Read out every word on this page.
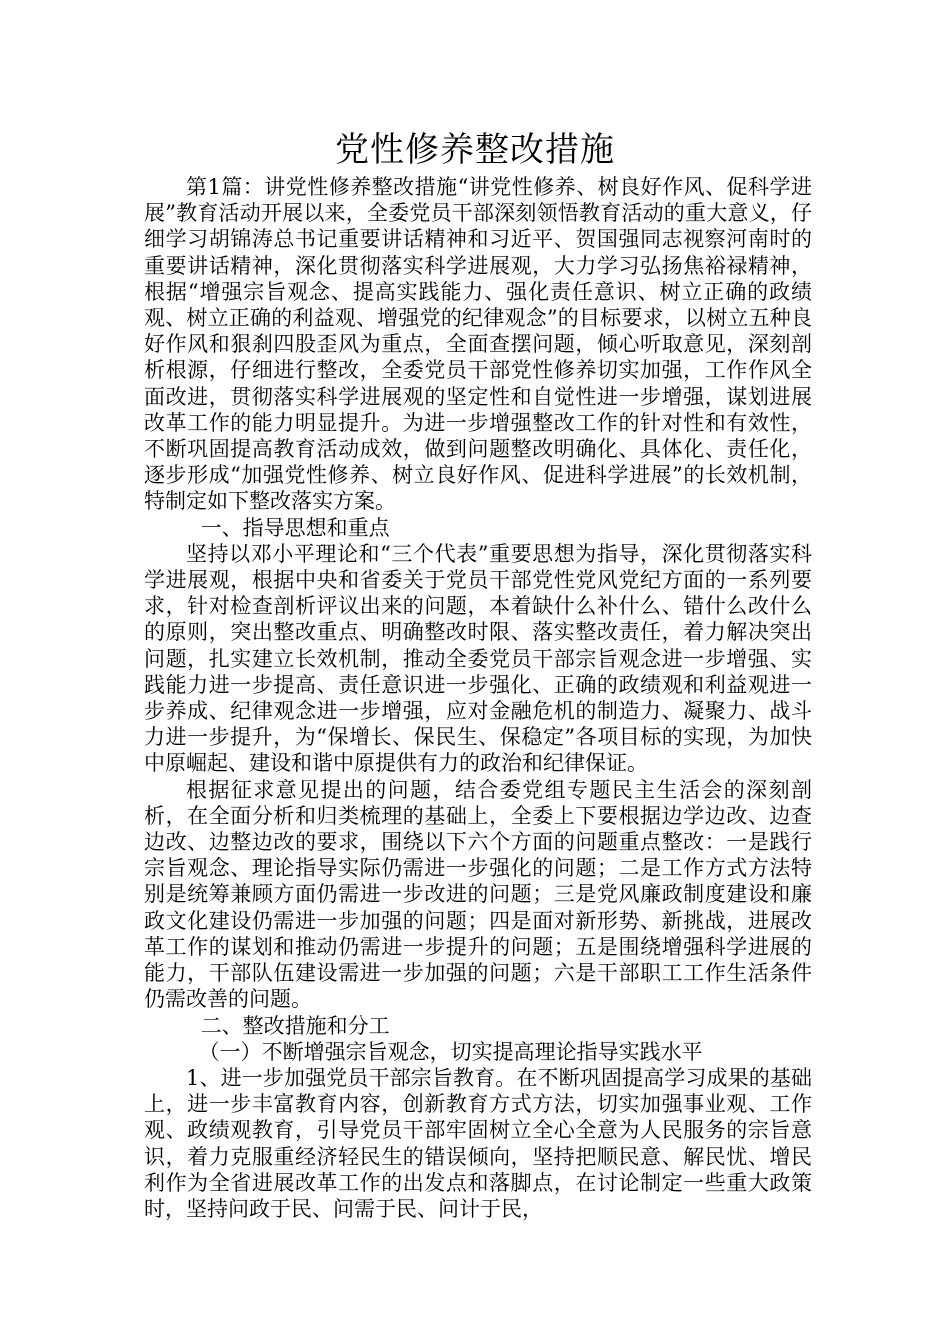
党性修养整改措施

第1篇：讲党性修养整改措施“讲党性修养、树良好作风、促科学进展”教育活动开展以来，全委党员干部深刻领悟教育活动的重大意义，仔细学习胡锦涛总书记重要讲话精神和习近平、贺国强同志视察河南时的重要讲话精神，深化贯彻落实科学进展观，大力学习弘扬焦裕禄精神，根据“增强宗旨观念、提高实践能力、强化责任意识、树立正确的政绩观、树立正确的利益观、增强党的纪律观念”的目标要求，以树立五种良好作风和狠刹四股歪风为重点，全面查摆问题，倾心听取意见，深刻剖析根源，仔细进行整改，全委党员干部党性修养切实加强，工作作风全面改进，贯彻落实科学进展观的坚定性和自觉性进一步增强，谋划进展改革工作的能力明显提升。为进一步增强整改工作的针对性和有效性，不断巩固提高教育活动成效，做到问题整改明确化、具体化、责任化，逐步形成“加强党性修养、树立良好作风、促进科学进展”的长效机制，特制定如下整改落实方案。

一、指导思想和重点

坚持以邓小平理论和“三个代表”重要思想为指导，深化贯彻落实科学进展观，根据中央和省委关于党员干部党性党风党纪方面的一系列要求，针对检查剖析评议出来的问题，本着缺什么补什么、错什么改什么的原则，突出整改重点、明确整改时限、落实整改责任，着力解决突出问题，扎实建立长效机制，推动全委党员干部宗旨观念进一步增强、实践能力进一步提高、责任意识进一步强化、正确的政绩观和利益观进一步养成、纪律观念进一步增强，应对金融危机的制造力、凝聚力、战斗力进一步提升，为“保增长、保民生、保稳定”各项目标的实现，为加快中原崛起、建设和谐中原提供有力的政治和纪律保证。

根据征求意见提出的问题，结合委党组专题民主生活会的深刻剖析，在全面分析和归类梳理的基础上，全委上下要根据边学边改、边查边改、边整边改的要求，围绕以下六个方面的问题重点整改：一是践行宗旨观念、理论指导实际仍需进一步强化的问题；二是工作方式方法特别是统筹兼顾方面仍需进一步改进的问题；三是党风廉政制度建设和廉政文化建设仍需进一步加强的问题；四是面对新形势、新挑战，进展改革工作的谋划和推动仍需进一步提升的问题；五是围绕增强科学进展的能力，干部队伍建设需进一步加强的问题；六是干部职工工作生活条件仍需改善的问题。

二、整改措施和分工

（一）不断增强宗旨观念，切实提高理论指导实践水平

1、进一步加强党员干部宗旨教育。在不断巩固提高学习成果的基础上，进一步丰富教育内容，创新教育方式方法，切实加强事业观、工作观、政绩观教育，引导党员干部牢固树立全心全意为人民服务的宗旨意识，着力克服重经济轻民生的错误倾向，坚持把顺民意、解民忧、增民利作为全省进展改革工作的出发点和落脚点，在讨论制定一些重大政策时，坚持问政于民、问需于民、问计于民，
